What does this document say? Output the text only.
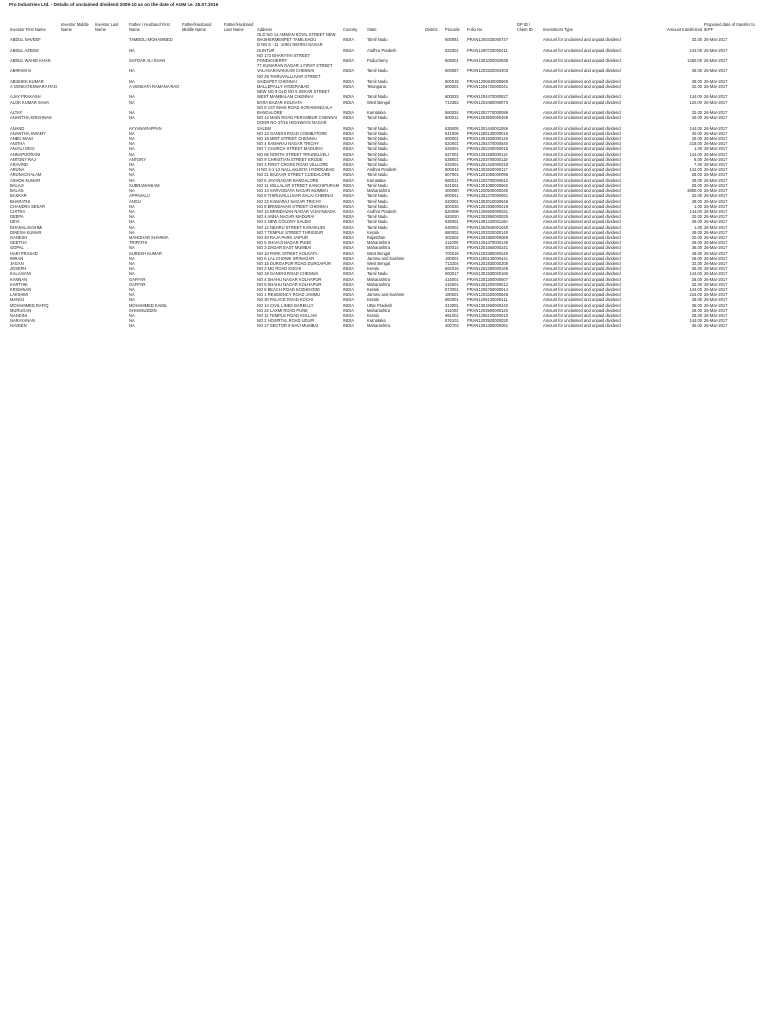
Pro Industries Ltd. - Details of unclaimed dividend 2009-10 as on the date of AGM i.e. 25.07.2016
Investor First Name	Investor Middle Name	Investor Last Name	Father / Husband First Name	Father/Husband Middle Name	Father/Husband Last Name	Address	Country	State	District	Pincode	Folio No	DP ID / Client ID	Investment Type	Amount transferred	Proposed date of transfer to IEPF
ABDUL NAVEEF			TAMBOLI MOHAMMED			OLD NO 14 AMMAN KOVIL STREET NEW WASHERMENPET TAMILNADU	INDIA	Tamil Nadu		600081	PRAN1200430000747		Amount for unclaimed and unpaid dividend	32.00	26-Mar-2017
ABDUL AZEEM			NA			D NO 6 - 11 -109/1 NEHRU NAGAR GUNTUR	INDIA	Andhra Pradesh		522001	PRAN1200720000411		Amount for unclaimed and unpaid dividend	144.00	26-Mar-2017
ABDUL WAHID KHAN			SAFDAR ALI KHAN			NO 173 BHARATHI STREET PONDICHERRY	INDIA	Puducherry		605001	PRAN1301000002939		Amount for unclaimed and unpaid dividend	1480.00	26-Mar-2017
ABIRAMI N			NA			77 KUMARAN NAGAR 1 FIRST STREET VALASARAVAKKAM CHENNAI	INDIA	Tamil Nadu		600087	PRAN1203320004403		Amount for unclaimed and unpaid dividend	36.00	26-Mar-2017
ABISHEK KUMAR			NA			NO 29 THIRUVALLUVAR STREET SAIDAPET CHENNAI	INDIA	Tamil Nadu		600015	PRAN1205940000569		Amount for unclaimed and unpaid dividend	28.00	26-Mar-2017
A VENKATESWARA RAO			A VENKATA RAMANA RAO			MALLEPALLY HYDERABAD	INDIA	Telangana		500001	PRAN1204720000341		Amount for unclaimed and unpaid dividend	32.00	26-Mar-2017
AJAY PRAKASH			NA			NEW NO 9 OLD NO 5 SEKAR STREET WEST MAMBALAM CHENNAI	INDIA	Tamil Nadu		600033	PRAN1204470000827		Amount for unclaimed and unpaid dividend	144.00	26-Mar-2017
ALOK KUMAR SAHA			NA			BARA BAZAR KOLKATA	INDIA	West Bengal		713384	PRAN1203480000070		Amount for unclaimed and unpaid dividend	120.00	26-Mar-2017
ALTAF			NA			NO 8 1ST MAIN ROAD KORAMANGALA BANGALORE	INDIA	Karnataka		560034	PRAN1302770000099		Amount for unclaimed and unpaid dividend	32.00	26-Mar-2017
ANANTHA KRISHNAN			NA			NO 14 MAIN ROAD PERAMBUR CHENNAI	INDIA	Tamil Nadu		600011	PRAN1203500000469		Amount for unclaimed and unpaid dividend	40.00	26-Mar-2017
ANAND			AYYANARAPPAN			DOOR NO 37/16 HIGHWAYS NAGAR SALEM	INDIA	Tamil Nadu		636005	PRAN1301440001056		Amount for unclaimed and unpaid dividend	144.00	26-Mar-2017
ANANTHA SWAMY			NA			NO 12 GANDHI ROAD COIMBATORE	INDIA	Tamil Nadu		641006	PRAN1206130000015		Amount for unclaimed and unpaid dividend	40.00	26-Mar-2017
ANBU MANI			NA			NO 18 MINT STREET CHENNAI	INDIA	Tamil Nadu		600001	PRAN1301930000120		Amount for unclaimed and unpaid dividend	28.00	26-Mar-2017
ANITHA			NA			NO 4 KAMARAJ NAGAR TRICHY	INDIA	Tamil Nadu		620001	PRAN1204470000840		Amount for unclaimed and unpaid dividend	216.00	26-Mar-2017
ANJALI DEVI			NA			NO 7 CHURCH STREET MADURAI	INDIA	Tamil Nadu		625001	PRAN1302340000015		Amount for unclaimed and unpaid dividend	1.00	26-Mar-2017
ANNAPOORANI			NA			NO 55 NORTH STREET TIRUNELVELI	INDIA	Tamil Nadu		627001	PRAN1301560000114		Amount for unclaimed and unpaid dividend	144.00	26-Mar-2017
ANTONY RAJ			ANTONY			NO 9 CHRISTIAN STREET ERODE	INDIA	Tamil Nadu		638001	PRAN1203700000119		Amount for unclaimed and unpaid dividend	9.00	26-Mar-2017
ARAVIND			NA			NO 3 FIRST CROSS ROAD VELLORE	INDIA	Tamil Nadu		632001	PRAN1301420000318		Amount for unclaimed and unpaid dividend	7.00	26-Mar-2017
ARUNA			NA			H NO 2-1-12 NALLAKUNTA HYDERABAD	INDIA	Andhra Pradesh		500044	PRAN1302620000117		Amount for unclaimed and unpaid dividend	144.00	26-Mar-2017
ARUNACHALAM			NA			NO 21 BAZAAR STREET CUDDALORE	INDIA	Tamil Nadu		607001	PRAN1201090000096		Amount for unclaimed and unpaid dividend	28.00	26-Mar-2017
ASHOK KUMAR			NA			NO 5 JAYANAGAR BANGALORE	INDIA	Karnataka		560011	PRAN1203700000612		Amount for unclaimed and unpaid dividend	28.00	26-Mar-2017
BALAJI			SUBRAMANIAM			NO 11 VELLALAR STREET KANCHIPURAM	INDIA	Tamil Nadu		631501	PRAN1301080000562		Amount for unclaimed and unpaid dividend	28.00	26-Mar-2017
BALAN			NA			NO 14 SARVODAYA NAGAR MUMBAI	INDIA	Maharashtra		400080	PRAN1200940000030		Amount for unclaimed and unpaid dividend	2880.00	26-Mar-2017
BASKAR			APPAVALU			NO 6 THIRUVALLUVAR SALAI CHENNAI	INDIA	Tamil Nadu		600041	PRAN1301470000061		Amount for unclaimed and unpaid dividend	32.00	26-Mar-2017
BHARATHI			ANGU			NO 22 KAMARAJ NAGAR TRICHY	INDIA	Tamil Nadu		620001	PRAN1302010000948		Amount for unclaimed and unpaid dividend	28.00	26-Mar-2017
CHANDRA SEKAR			NA			NO 8 BRINDAVAN STREET CHENNAI	INDIA	Tamil Nadu		600026	PRAN1301930000418		Amount for unclaimed and unpaid dividend	1.00	26-Mar-2017
CHITRA			NA			NO 16 BRINDAVAN NAGAR VIJAYAWADA	INDIA	Andhra Pradesh		520008	PRAN1206500000031		Amount for unclaimed and unpaid dividend	144.00	26-Mar-2017
DEEPA			NA			NO 4 ANNA NAGAR MADURAI	INDIA	Tamil Nadu		625020	PRAN1302860000025		Amount for unclaimed and unpaid dividend	32.00	26-Mar-2017
DEVI			NA			NO 2 NEW COLONY SALEM	INDIA	Tamil Nadu		636001	PRAN1301440001160		Amount for unclaimed and unpaid dividend	28.00	26-Mar-2017
DHANALAKSHMI			NA			NO 12 NEHRU STREET KARAIKUDI	INDIA	Tamil Nadu		630001	PRAN1303940001045		Amount for unclaimed and unpaid dividend	1.00	26-Mar-2017
DINESH KUMAR			NA			NO 7 TEMPLE STREET THRISSUR	INDIA	Kerala		680001	PRAN1203320000140		Amount for unclaimed and unpaid dividend	28.00	26-Mar-2017
GANESH			MANOHAR SHARMA			NO 40 RAJA PARK JAIPUR	INDIA	Rajasthan		302004	PRAN1301860000069		Amount for unclaimed and unpaid dividend	32.00	26-Mar-2017
GEETHA			TRIPATHI			NO 5 SHIVAJI NAGAR PUNE	INDIA	Maharashtra		411005	PRAN1204470000139		Amount for unclaimed and unpaid dividend	28.00	26-Mar-2017
GOPAL			NA			NO 3 DADAR EAST MUMBAI	INDIA	Maharashtra		400014	PRAN1301560000241		Amount for unclaimed and unpaid dividend	36.00	26-Mar-2017
HARI PRASAD			SURESH KUMAR			NO 10 PARK STREET KOLKATA	INDIA	West Bengal		700016	PRAN1203480000240		Amount for unclaimed and unpaid dividend	48.00	26-Mar-2017
IMRAN			NA			NO 6 LAL CHOWK SRINAGAR	INDIA	Jammu and Kashmir		190001	PRAN1206130000441		Amount for unclaimed and unpaid dividend	28.00	26-Mar-2017
JAGAN			NA			NO 15 DURGAPUR ROAD DURGAPUR	INDIA	West Bengal		713204	PRAN1301930000208		Amount for unclaimed and unpaid dividend	32.00	26-Mar-2017
JOSEPH			NA			NO 2 MG ROAD KOCHI	INDIA	Kerala		682016	PRAN1202290000169		Amount for unclaimed and unpaid dividend	36.00	26-Mar-2017
KALAIVANI			NA			NO 19 GANDHI ROAD CHENNAI	INDIA	Tamil Nadu		600017	PRAN1301930000186		Amount for unclaimed and unpaid dividend	144.00	26-Mar-2017
KANNAN			GAFFAR			NO 4 SHAHU NAGAR KOLHAPUR	INDIA	Maharashtra		416001	PRAN1301200000607		Amount for unclaimed and unpaid dividend	28.00	26-Mar-2017
KARTHIK			GAFFAR			NO 9 SHAHU NAGAR KOLHAPUR	INDIA	Maharashtra		416001	PRAN1301200000612		Amount for unclaimed and unpaid dividend	32.00	26-Mar-2017
KRISHNAN			NA			NO 8 BEACH ROAD KOZHIKODE	INDIA	Kerala		673001	PRAN1205760000014		Amount for unclaimed and unpaid dividend	144.00	26-Mar-2017
LAKSHMI			NA			NO 1 RESIDENCY ROAD JAMMU	INDIA	Jammu and Kashmir		180001	PRAN1203320000848		Amount for unclaimed and unpaid dividend	216.00	26-Mar-2017
MANOJ			NA			NO 30 PALACE ROAD KOCHI	INDIA	Kerala		682001	PRAN1206130000411		Amount for unclaimed and unpaid dividend	28.00	26-Mar-2017
MOHAMMED RAFIQ			MOHAMMED KAMIL			NO 14 CIVIL LINES BAREILLY	INDIA	Uttar Pradesh		243001	PRAN1301560000240		Amount for unclaimed and unpaid dividend	36.00	26-Mar-2017
MURUGAN			SHAMSUDDIN			NO 22 LAXMI ROAD PUNE	INDIA	Maharashtra		411002	PRAN1203900000120		Amount for unclaimed and unpaid dividend	28.00	26-Mar-2017
NANDINI			NA			NO 11 TEMPLE ROAD KOLLAM	INDIA	Kerala		691001	PRAN1206120000010		Amount for unclaimed and unpaid dividend	28.00	26-Mar-2017
NARAYANAN			NA			NO 2 HOSPITAL ROAD UDUPI	INDIA	Karnataka		576101	PRAN1203920000030		Amount for unclaimed and unpaid dividend	144.00	26-Mar-2017
NAVEEN			NA			NO 17 SECTOR 9 NAVI MUMBAI	INDIA	Maharashtra		400703	PRAN1301490000061		Amount for unclaimed and unpaid dividend	36.00	26-Mar-2017
